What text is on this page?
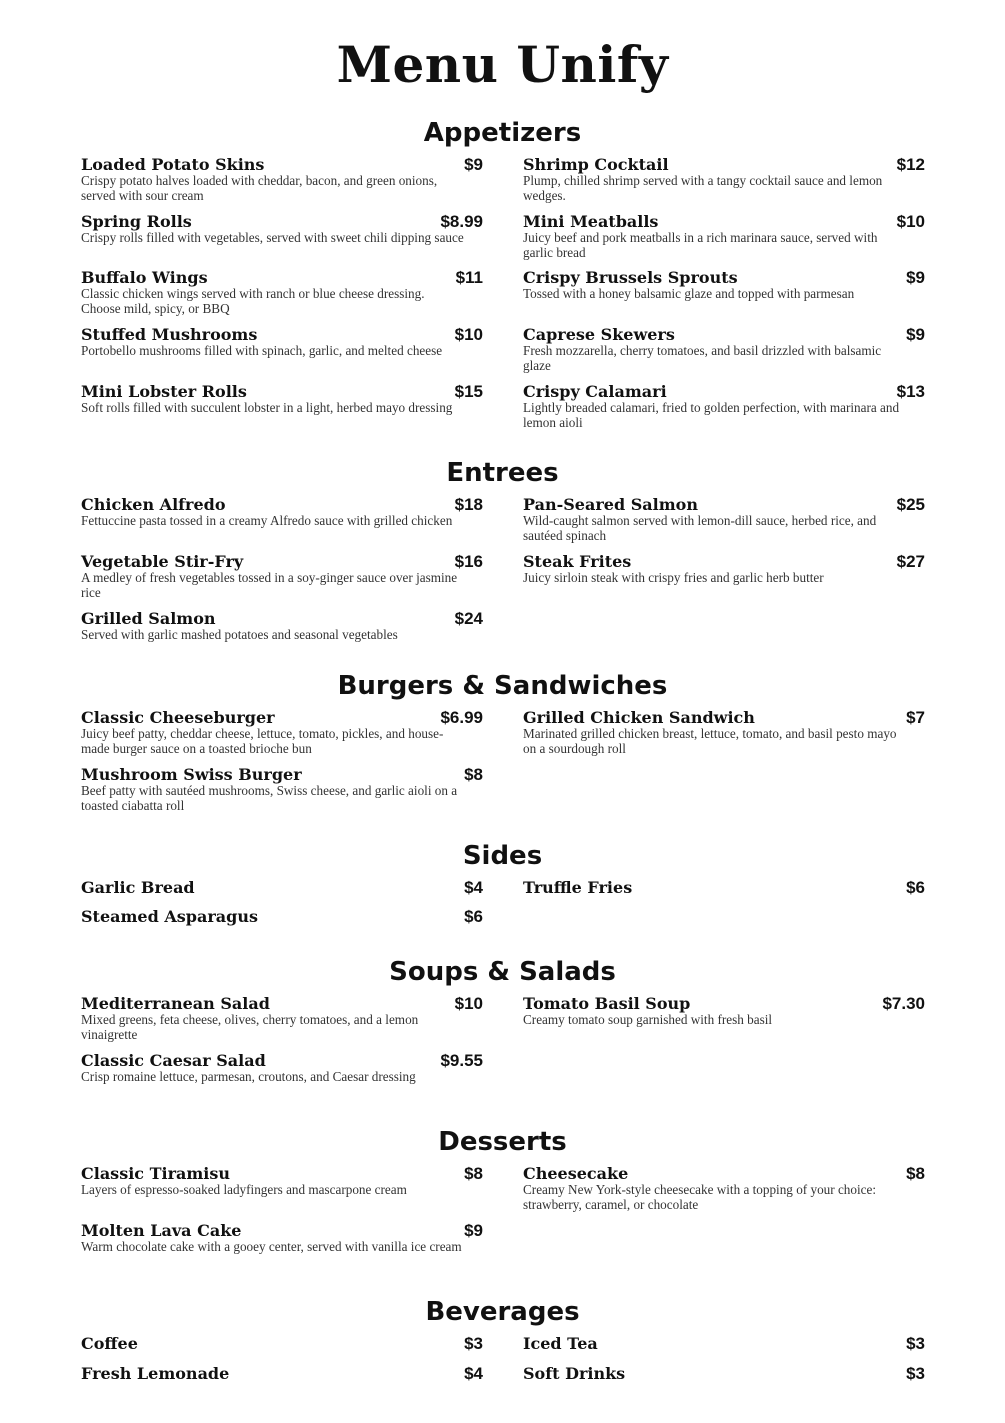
Menu Unify
Appetizers
Loaded Potato Skins	$9
Crispy potato halves loaded with cheddar, bacon, and green onions, served with sour cream
Spring Rolls	$8.99
Crispy rolls filled with vegetables, served with sweet chili dipping sauce
Buffalo Wings	$11
Classic chicken wings served with ranch or blue cheese dressing. Choose mild, spicy, or BBQ
Stuffed Mushrooms	$10
Portobello mushrooms filled with spinach, garlic, and melted cheese
Mini Lobster Rolls	$15
Soft rolls filled with succulent lobster in a light, herbed mayo dressing
Shrimp Cocktail	$12
Plump, chilled shrimp served with a tangy cocktail sauce and lemon wedges.
Mini Meatballs	$10
Juicy beef and pork meatballs in a rich marinara sauce, served with garlic bread
Crispy Brussels Sprouts	$9
Tossed with a honey balsamic glaze and topped with parmesan
Caprese Skewers	$9
Fresh mozzarella, cherry tomatoes, and basil drizzled with balsamic glaze
Crispy Calamari	$13
Lightly breaded calamari, fried to golden perfection, with marinara and lemon aioli
Entrees
Chicken Alfredo	$18
Fettuccine pasta tossed in a creamy Alfredo sauce with grilled chicken
Vegetable Stir-Fry	$16
A medley of fresh vegetables tossed in a soy-ginger sauce over jasmine rice
Grilled Salmon	$24
Served with garlic mashed potatoes and seasonal vegetables
Pan-Seared Salmon	$25
Wild-caught salmon served with lemon-dill sauce, herbed rice, and sautéed spinach
Steak Frites	$27
Juicy sirloin steak with crispy fries and garlic herb butter
Burgers & Sandwiches
Classic Cheeseburger	$6.99
Juicy beef patty, cheddar cheese, lettuce, tomato, pickles, and house-made burger sauce on a toasted brioche bun
Mushroom Swiss Burger	$8
Beef patty with sautéed mushrooms, Swiss cheese, and garlic aioli on a toasted ciabatta roll
Grilled Chicken Sandwich	$7
Marinated grilled chicken breast, lettuce, tomato, and basil pesto mayo on a sourdough roll
Sides
Garlic Bread	$4
Steamed Asparagus	$6
Truffle Fries	$6
Soups & Salads
Mediterranean Salad	$10
Mixed greens, feta cheese, olives, cherry tomatoes, and a lemon vinaigrette
Classic Caesar Salad	$9.55
Crisp romaine lettuce, parmesan, croutons, and Caesar dressing
Tomato Basil Soup	$7.30
Creamy tomato soup garnished with fresh basil
Desserts
Classic Tiramisu	$8
Layers of espresso-soaked ladyfingers and mascarpone cream
Molten Lava Cake	$9
Warm chocolate cake with a gooey center, served with vanilla ice cream
Cheesecake	$8
Creamy New York-style cheesecake with a topping of your choice: strawberry, caramel, or chocolate
Beverages
Coffee	$3
Fresh Lemonade	$4
Iced Tea	$3
Soft Drinks	$3
